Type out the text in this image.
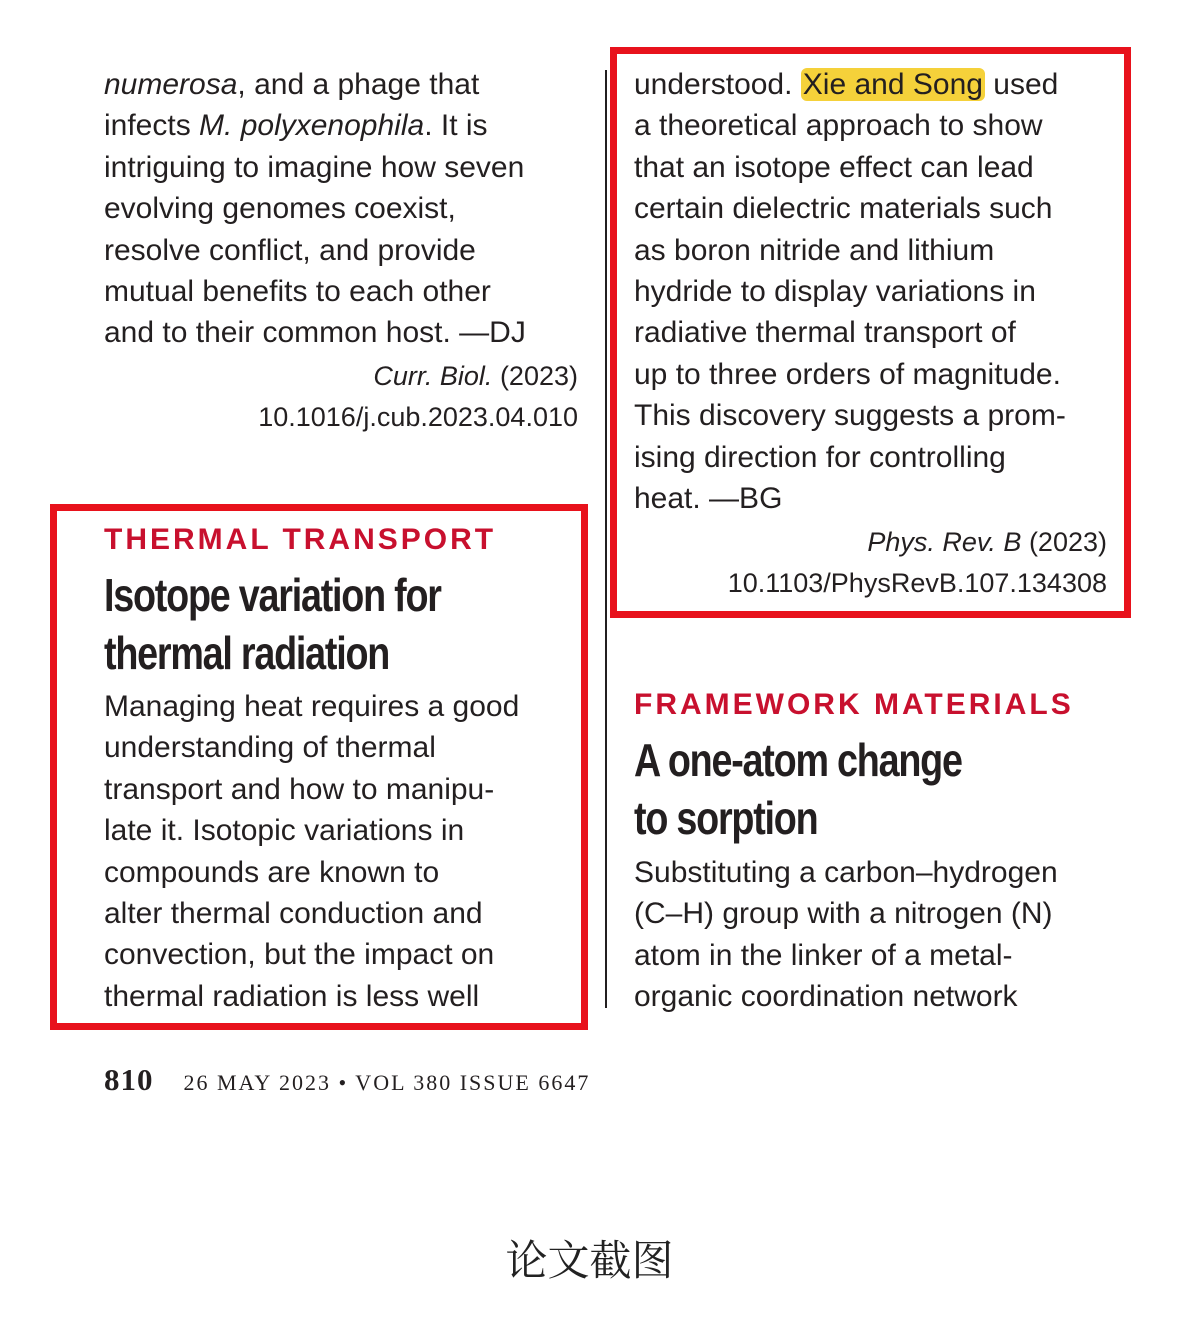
numerosa, and a phage that

infects M. polyxenophila. It is

intriguing to imagine how seven

evolving genomes coexist,

resolve conflict, and provide

mutual benefits to each other

and to their common host. —DJ

Curr. Biol. (2023)

10.1016/j.cub.2023.04.010

THERMAL TRANSPORT

Isotope variation for

thermal radiation

Managing heat requires a good

understanding of thermal

transport and how to manipu-

late it. Isotopic variations in

compounds are known to

alter thermal conduction and

convection, but the impact on

thermal radiation is less well

understood. Xie and Song used

a theoretical approach to show

that an isotope effect can lead

certain dielectric materials such

as boron nitride and lithium

hydride to display variations in

radiative thermal transport of

up to three orders of magnitude.

This discovery suggests a prom-

ising direction for controlling

heat. —BG

Phys. Rev. B (2023)

10.1103/PhysRevB.107.134308

FRAMEWORK MATERIALS

A one-atom change

to sorption

Substituting a carbon–hydrogen

(C–H) group with a nitrogen (N)

atom in the linker of a metal-

organic coordination network

810 26 MAY 2023 • VOL 380 ISSUE 6647
论文截图
